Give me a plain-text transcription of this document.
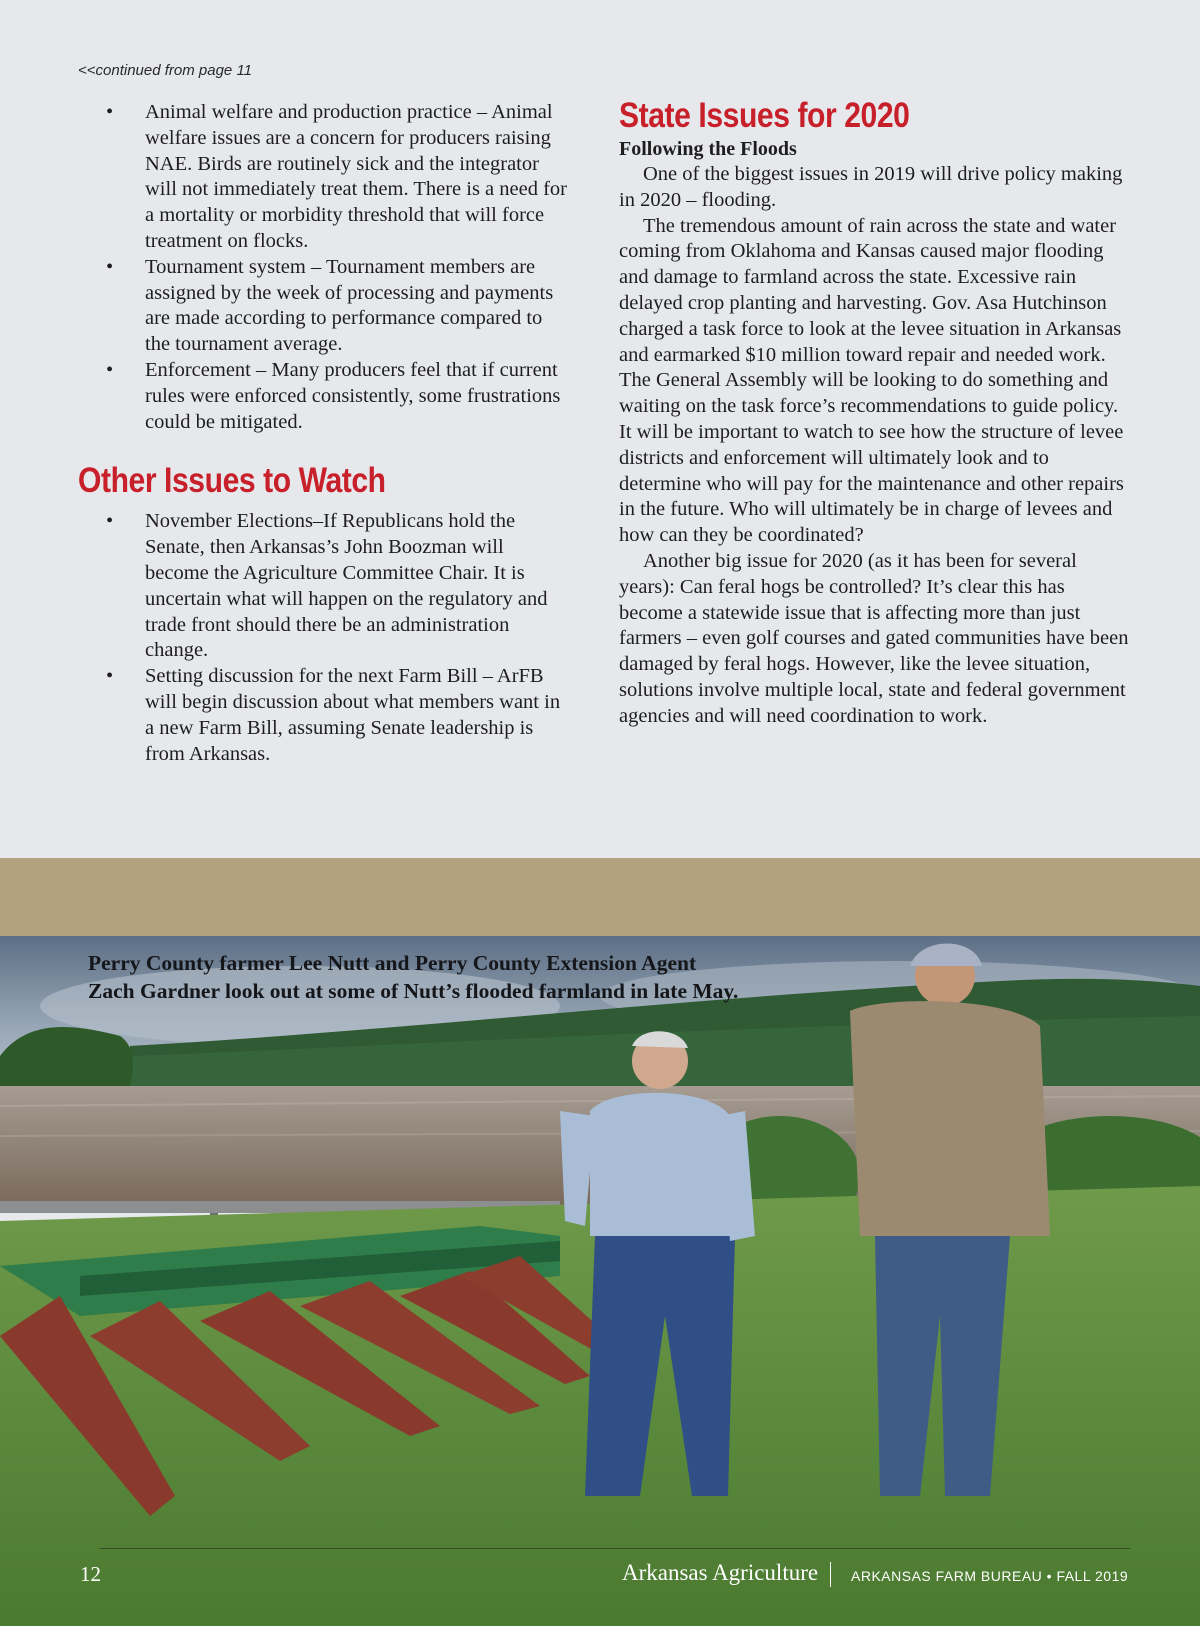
<<continued from page 11
• Animal welfare and production practice – Animal welfare issues are a concern for producers raising NAE. Birds are routinely sick and the integrator will not immediately treat them. There is a need for a mortality or morbidity threshold that will force treatment on flocks.
• Tournament system – Tournament members are assigned by the week of processing and payments are made according to performance compared to the tournament average.
• Enforcement – Many producers feel that if current rules were enforced consistently, some frustrations could be mitigated.
Other Issues to Watch
• November Elections–If Republicans hold the Senate, then Arkansas’s John Boozman will become the Agriculture Committee Chair. It is uncertain what will happen on the regulatory and trade front should there be an administration change.
• Setting discussion for the next Farm Bill – ArFB will begin discussion about what members want in a new Farm Bill, assuming Senate leadership is from Arkansas.
State Issues for 2020
Following the Floods

One of the biggest issues in 2019 will drive policy making in 2020 – flooding.

The tremendous amount of rain across the state and water coming from Oklahoma and Kansas caused major flooding and damage to farmland across the state. Excessive rain delayed crop planting and harvesting. Gov. Asa Hutchinson charged a task force to look at the levee situation in Arkansas and earmarked $10 million toward repair and needed work. The General Assembly will be looking to do something and waiting on the task force’s recommendations to guide policy. It will be important to watch to see how the structure of levee districts and enforcement will ultimately look and to determine who will pay for the maintenance and other repairs in the future. Who will ultimately be in charge of levees and how can they be coordinated?

Another big issue for 2020 (as it has been for several years): Can feral hogs be controlled? It’s clear this has become a statewide issue that is affecting more than just farmers – even golf courses and gated communities have been damaged by feral hogs. However, like the levee situation, solutions involve multiple local, state and federal government agencies and will need coordination to work.

Perry County farmer Lee Nutt and Perry County Extension Agent
Zach Gardner look out at some of Nutt’s flooded farmland in late May.
12	Arkansas Agriculture ARKANSAS FARM BUREAU • FALL 2019
